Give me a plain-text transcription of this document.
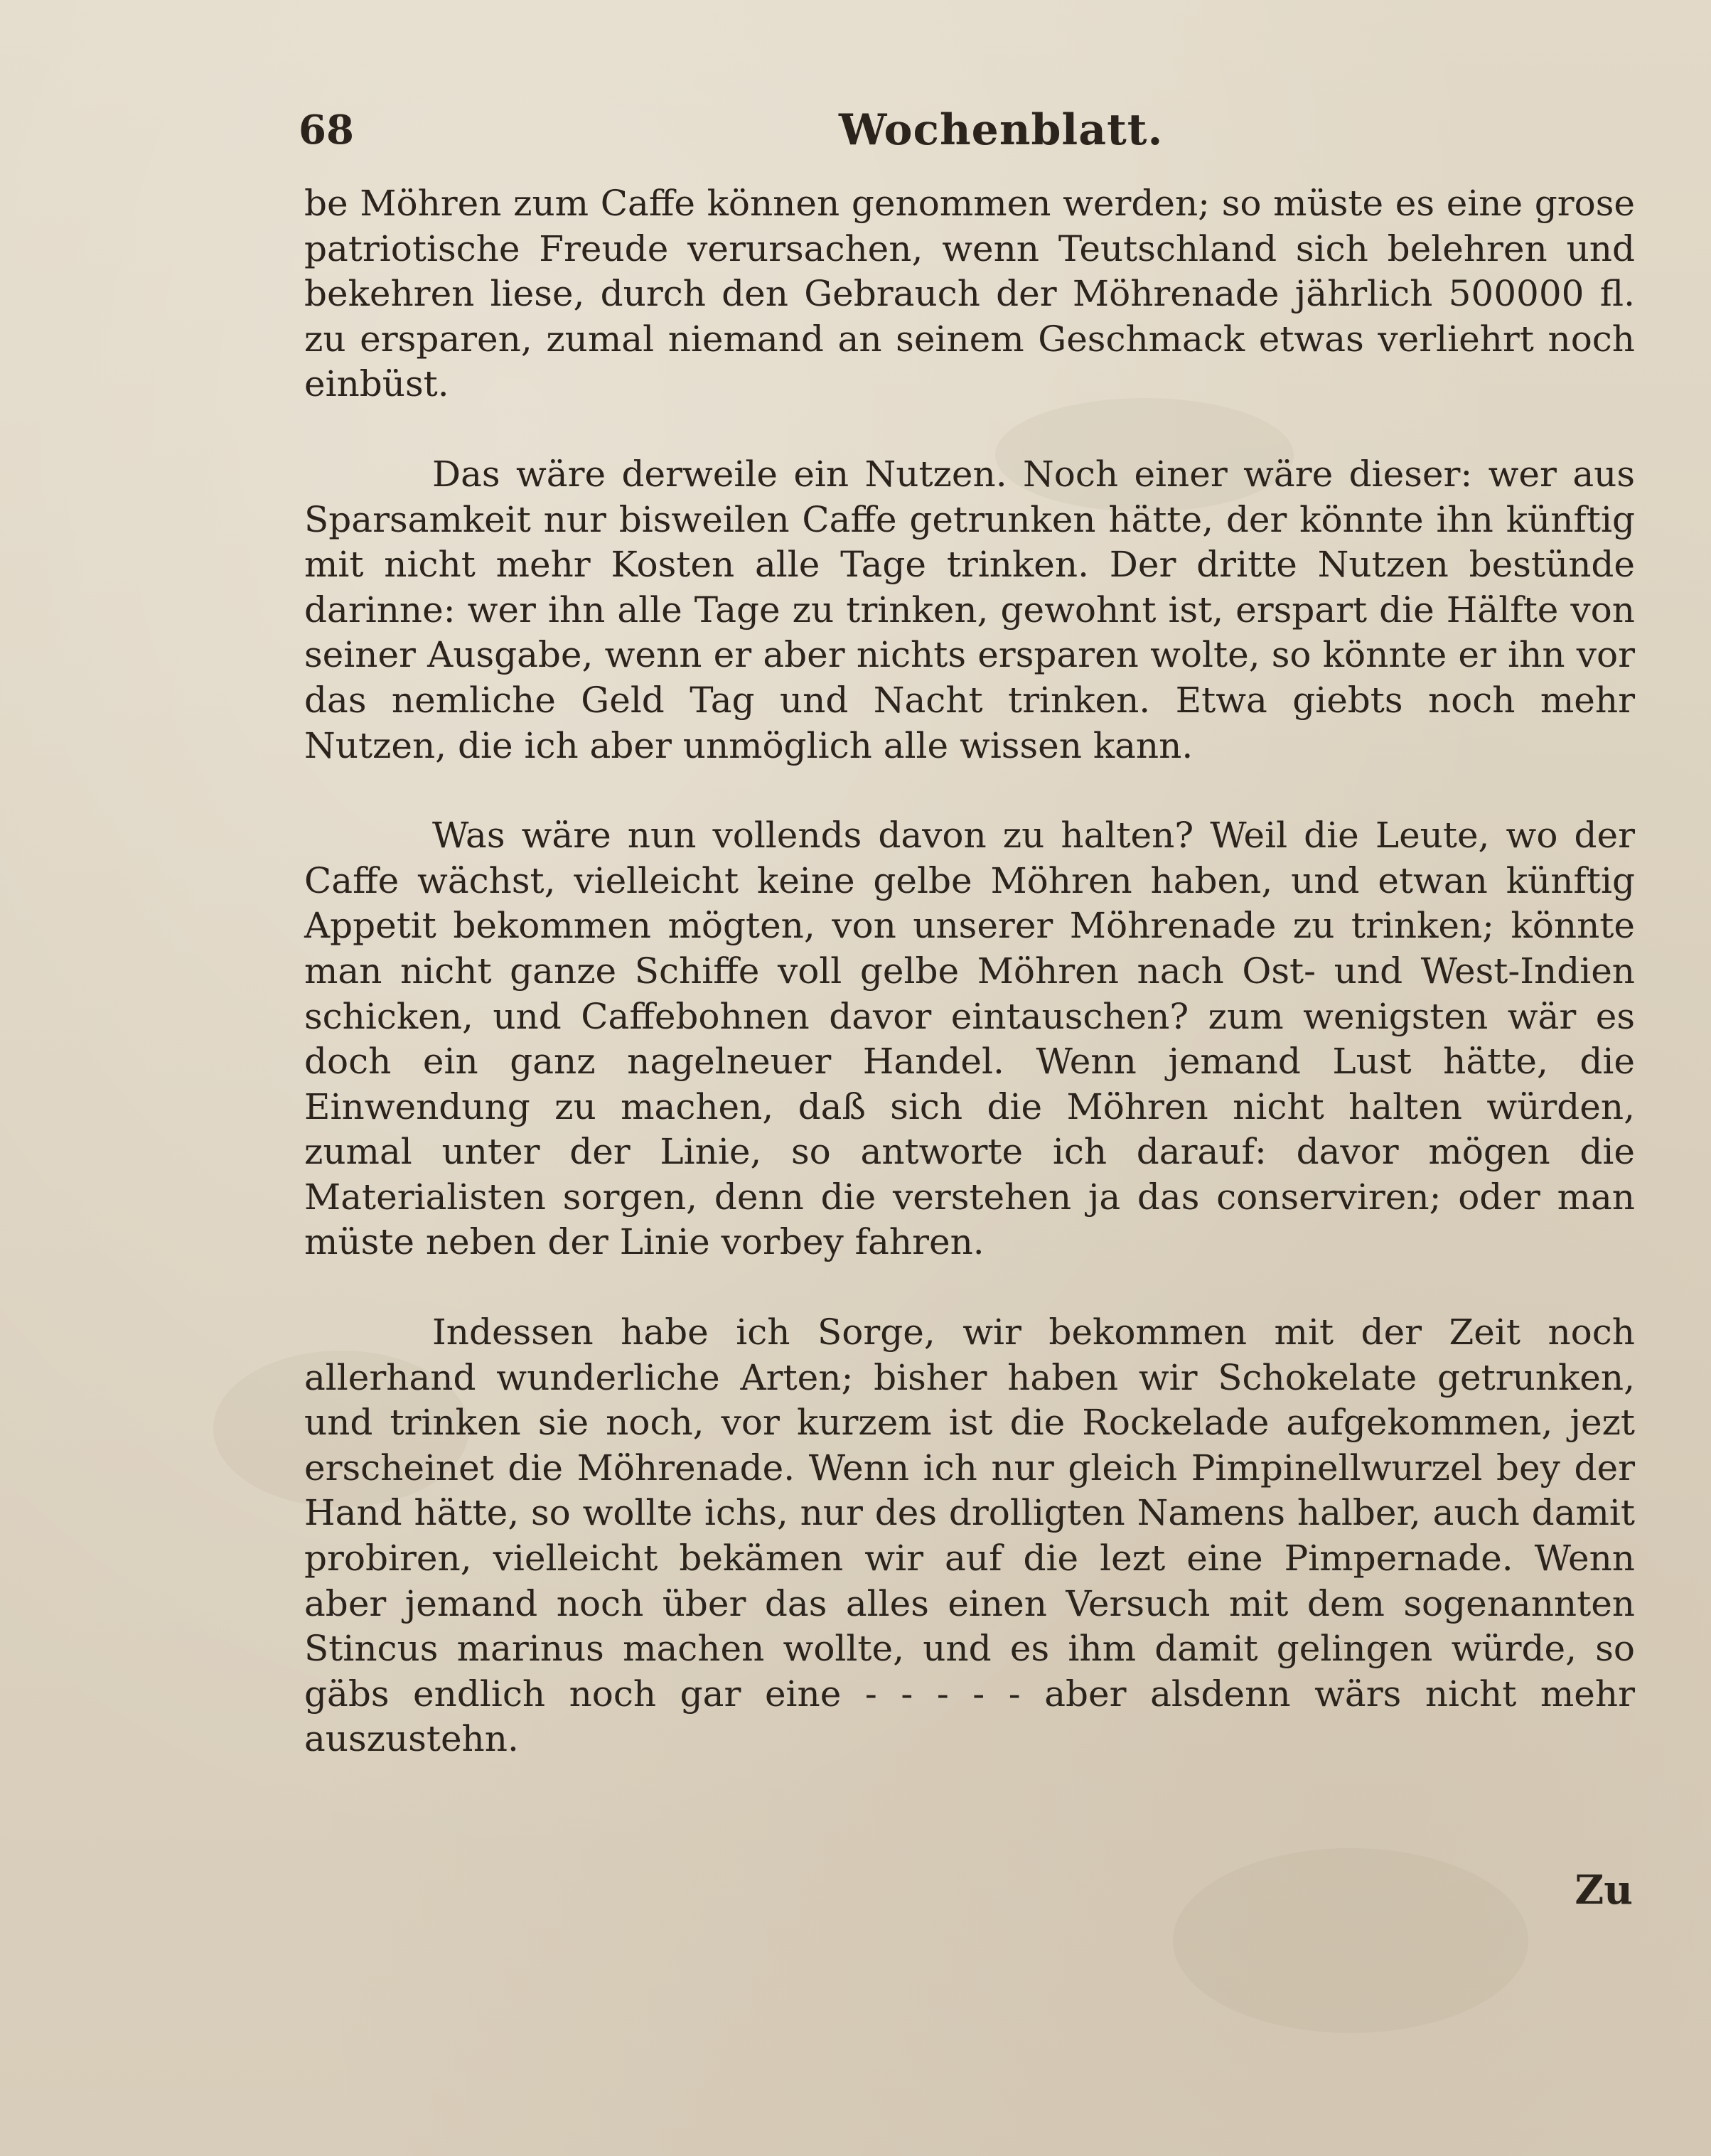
68	Wochenblatt.

be Möhren zum Caffe können genommen werden; so müste es eine grose patriotische Freude verursachen, wenn Teutschland sich belehren und bekehren liese, durch den Gebrauch der Möhrenade jährlich 500000 fl. zu ersparen, zumal niemand an seinem Geschmack etwas verliehrt noch einbüst.

Das wäre derweile ein Nutzen. Noch einer wäre dieser: wer aus Sparsamkeit nur bisweilen Caffe getrunken hätte, der könnte ihn künftig mit nicht mehr Kosten alle Tage trinken. Der dritte Nutzen bestünde darinne: wer ihn alle Tage zu trinken, gewohnt ist, erspart die Hälfte von seiner Ausgabe, wenn er aber nichts ersparen wolte, so könnte er ihn vor das nemliche Geld Tag und Nacht trinken. Etwa giebts noch mehr Nutzen, die ich aber unmöglich alle wissen kann.

Was wäre nun vollends davon zu halten? Weil die Leute, wo der Caffe wächst, vielleicht keine gelbe Möhren haben, und etwan künftig Appetit bekommen mögten, von unserer Möhrenade zu trinken; könnte man nicht ganze Schiffe voll gelbe Möhren nach Ost- und West-Indien schicken, und Caffebohnen davor eintauschen? zum wenigsten wär es doch ein ganz nagelneuer Handel. Wenn jemand Lust hätte, die Einwendung zu machen, daß sich die Möhren nicht halten würden, zumal unter der Linie, so antworte ich darauf: davor mögen die Materialisten sorgen, denn die verstehen ja das conserviren; oder man müste neben der Linie vorbey fahren.

Indessen habe ich Sorge, wir bekommen mit der Zeit noch allerhand wunderliche Arten; bisher haben wir Schokelate getrunken, und trinken sie noch, vor kurzem ist die Rockelade aufgekommen, jezt erscheinet die Möhrenade. Wenn ich nur gleich Pimpinellwurzel bey der Hand hätte, so wollte ichs, nur des drolligten Namens halber, auch damit probiren, vielleicht bekämen wir auf die lezt eine Pimpernade. Wenn aber jemand noch über das alles einen Versuch mit dem sogenannten Stincus marinus machen wollte, und es ihm damit gelingen würde, so gäbs endlich noch gar eine - - - - - aber alsdenn wärs nicht mehr auszustehn.

Zu
